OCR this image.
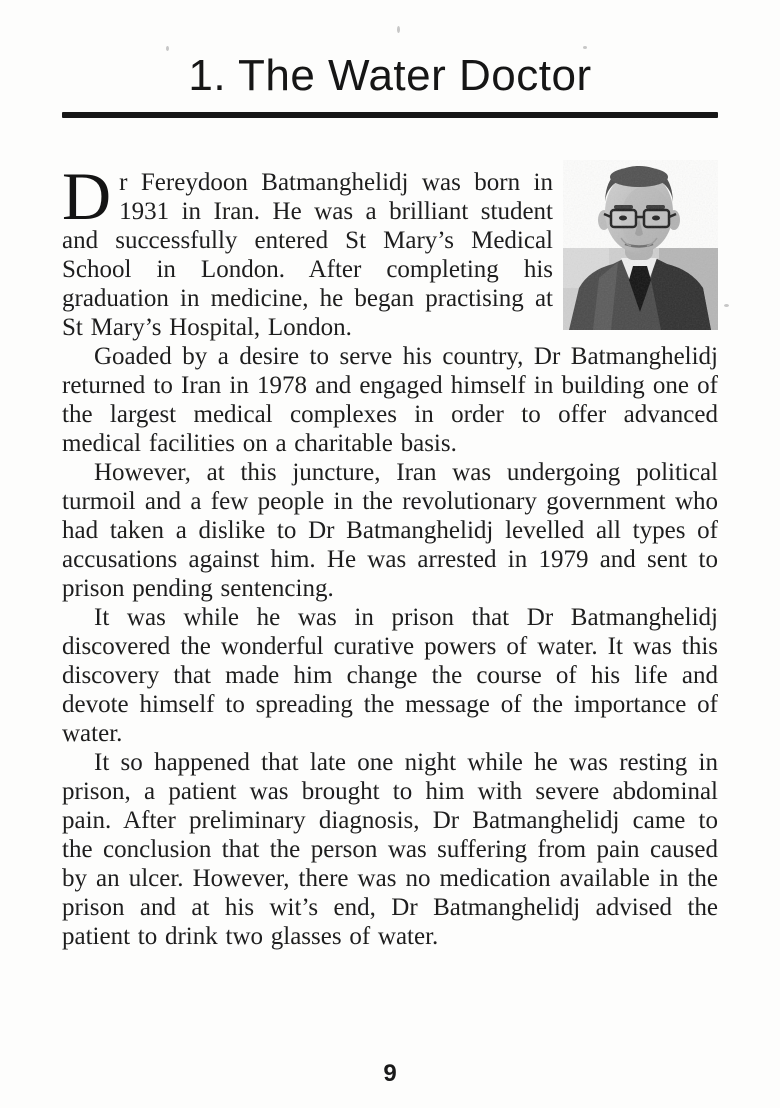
1. The Water Doctor

Dr Fereydoon Batmanghelidj was born in 1931 in Iran. He was a brilliant student and successfully entered St Mary’s Medical School in London. After completing his graduation in medicine, he began practising at St Mary’s Hospital, London.

Goaded by a desire to serve his country, Dr Batmanghelidj returned to Iran in 1978 and engaged himself in building one of the largest medical complexes in order to offer advanced medical facilities on a charitable basis.

However, at this juncture, Iran was undergoing political turmoil and a few people in the revolutionary government who had taken a dislike to Dr Batmanghelidj levelled all types of accusations against him. He was arrested in 1979 and sent to prison pending sentencing.

It was while he was in prison that Dr Batmanghelidj discovered the wonderful curative powers of water. It was this discovery that made him change the course of his life and devote himself to spreading the message of the importance of water.

It so happened that late one night while he was resting in prison, a patient was brought to him with severe abdominal pain. After preliminary diagnosis, Dr Batmanghelidj came to the conclusion that the person was suffering from pain caused by an ulcer. However, there was no medication available in the prison and at his wit’s end, Dr Batmanghelidj advised the patient to drink two glasses of water.

9
